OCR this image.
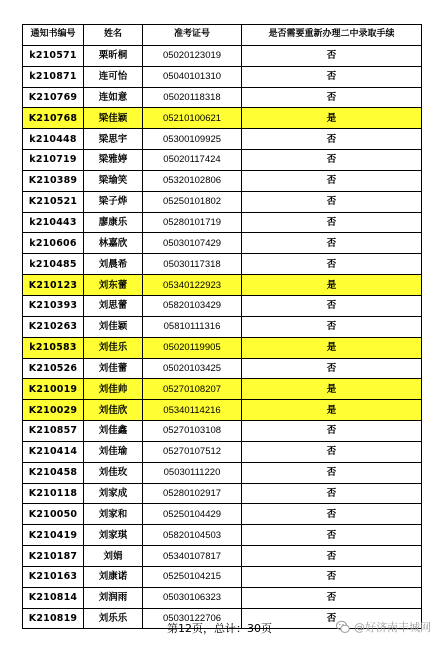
通知书编号	姓名	准考证号	是否需要重新办理二中录取手续
k210571	栗昕桐	05020123019	否
k210871	连可怡	05040101310	否
K210769	连如意	05020118318	否
K210768	梁佳颖	05210100621	是
k210448	梁思宇	05300109925	否
k210719	梁雅婷	05020117424	否
K210389	梁瑜笑	05320102806	否
K210521	梁子烨	05250101802	否
k210443	廖康乐	05280101719	否
k210606	林嘉欣	05030107429	否
k210485	刘晨希	05030117318	否
K210123	刘东蕾	05340122923	是
K210393	刘思蕾	05820103429	否
K210263	刘佳颖	05810111316	否
k210583	刘佳乐	05020119905	是
K210526	刘佳蕾	05020103425	否
K210019	刘佳帅	05270108207	是
K210029	刘佳欣	05340114216	是
K210857	刘佳鑫	05270103108	否
K210414	刘佳瑜	05270107512	否
K210458	刘佳玫	05030111220	否
K210118	刘家成	05280102917	否
K210050	刘家和	05250104429	否
K210419	刘家琪	05820104503	否
K210187	刘娟	05340107817	否
K210163	刘康诺	05250104215	否
K210814	刘润雨	05030106323	否
K210819	刘乐乐	05030122706	否
第12页，总计：30页	@好济南丰城网
